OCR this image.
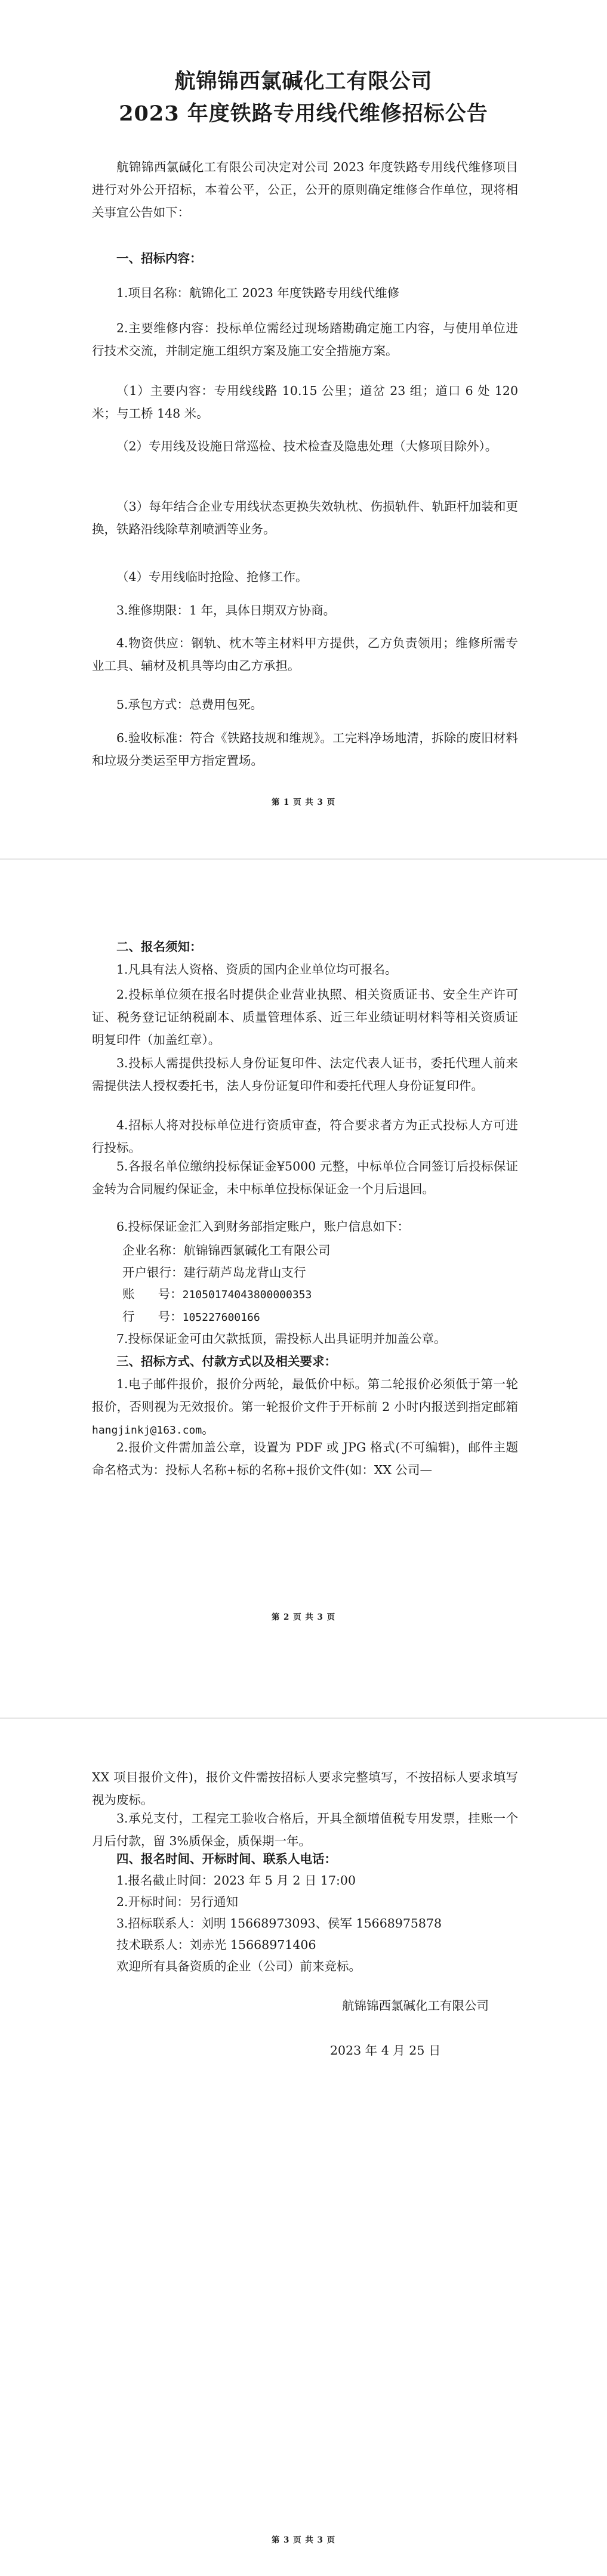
航锦锦西氯碱化工有限公司
2023 年度铁路专用线代维修招标公告

航锦锦西氯碱化工有限公司决定对公司 2023 年度铁路专用线代维修项目进行对外公开招标，本着公平，公正，公开的原则确定维修合作单位，现将相关事宜公告如下：

一、招标内容：

1.项目名称：航锦化工 2023 年度铁路专用线代维修

2.主要维修内容：投标单位需经过现场踏勘确定施工内容，与使用单位进行技术交流，并制定施工组织方案及施工安全措施方案。

（1）主要内容：专用线线路 10.15 公里；道岔 23 组；道口 6 处 120 米；与工桥 148 米。

（2）专用线及设施日常巡检、技术检查及隐患处理（大修项目除外）。

（3）每年结合企业专用线状态更换失效轨枕、伤损轨件、轨距杆加装和更换，铁路沿线除草剂喷洒等业务。

（4）专用线临时抢险、抢修工作。

3.维修期限：1 年，具体日期双方协商。

4.物资供应：钢轨、枕木等主材料甲方提供，乙方负责领用；维修所需专业工具、辅材及机具等均由乙方承担。

5.承包方式：总费用包死。

6.验收标准：符合《铁路技规和维规》。工完料净场地清，拆除的废旧材料和垃圾分类运至甲方指定置场。

第 1 页 共 3 页

二、报名须知：

1.凡具有法人资格、资质的国内企业单位均可报名。

2.投标单位须在报名时提供企业营业执照、相关资质证书、安全生产许可证、税务登记证纳税副本、质量管理体系、近三年业绩证明材料等相关资质证明复印件（加盖红章）。

3.投标人需提供投标人身份证复印件、法定代表人证书，委托代理人前来需提供法人授权委托书，法人身份证复印件和委托代理人身份证复印件。

4.招标人将对投标单位进行资质审查，符合要求者方为正式投标人方可进行投标。

5.各报名单位缴纳投标保证金¥5000 元整，中标单位合同签订后投标保证金转为合同履约保证金，未中标单位投标保证金一个月后退回。

6.投标保证金汇入到财务部指定账户，账户信息如下：

企业名称：航锦锦西氯碱化工有限公司

开户银行：建行葫芦岛龙背山支行

账      号：21050174043800000353

行      号：105227600166

7.投标保证金可由欠款抵顶，需投标人出具证明并加盖公章。

三、招标方式、付款方式以及相关要求：

1.电子邮件报价，报价分两轮，最低价中标。第二轮报价必须低于第一轮报价，否则视为无效报价。第一轮报价文件于开标前 2 小时内报送到指定邮箱hangjinkj@163.com。

2.报价文件需加盖公章，设置为 PDF 或 JPG 格式(不可编辑)，邮件主题命名格式为：投标人名称+标的名称+报价文件(如：XX 公司—

第 2 页 共 3 页

XX 项目报价文件)，报价文件需按招标人要求完整填写，不按招标人要求填写视为废标。

3.承兑支付，工程完工验收合格后，开具全额增值税专用发票，挂账一个月后付款，留 3%质保金，质保期一年。

四、报名时间、开标时间、联系人电话：

1.报名截止时间：2023 年 5 月 2 日 17:00

2.开标时间：另行通知

3.招标联系人：刘明 15668973093、侯军 15668975878

技术联系人：刘赤光 15668971406

欢迎所有具备资质的企业（公司）前来竞标。

航锦锦西氯碱化工有限公司
2023 年 4 月 25 日
第 3 页 共 3 页
